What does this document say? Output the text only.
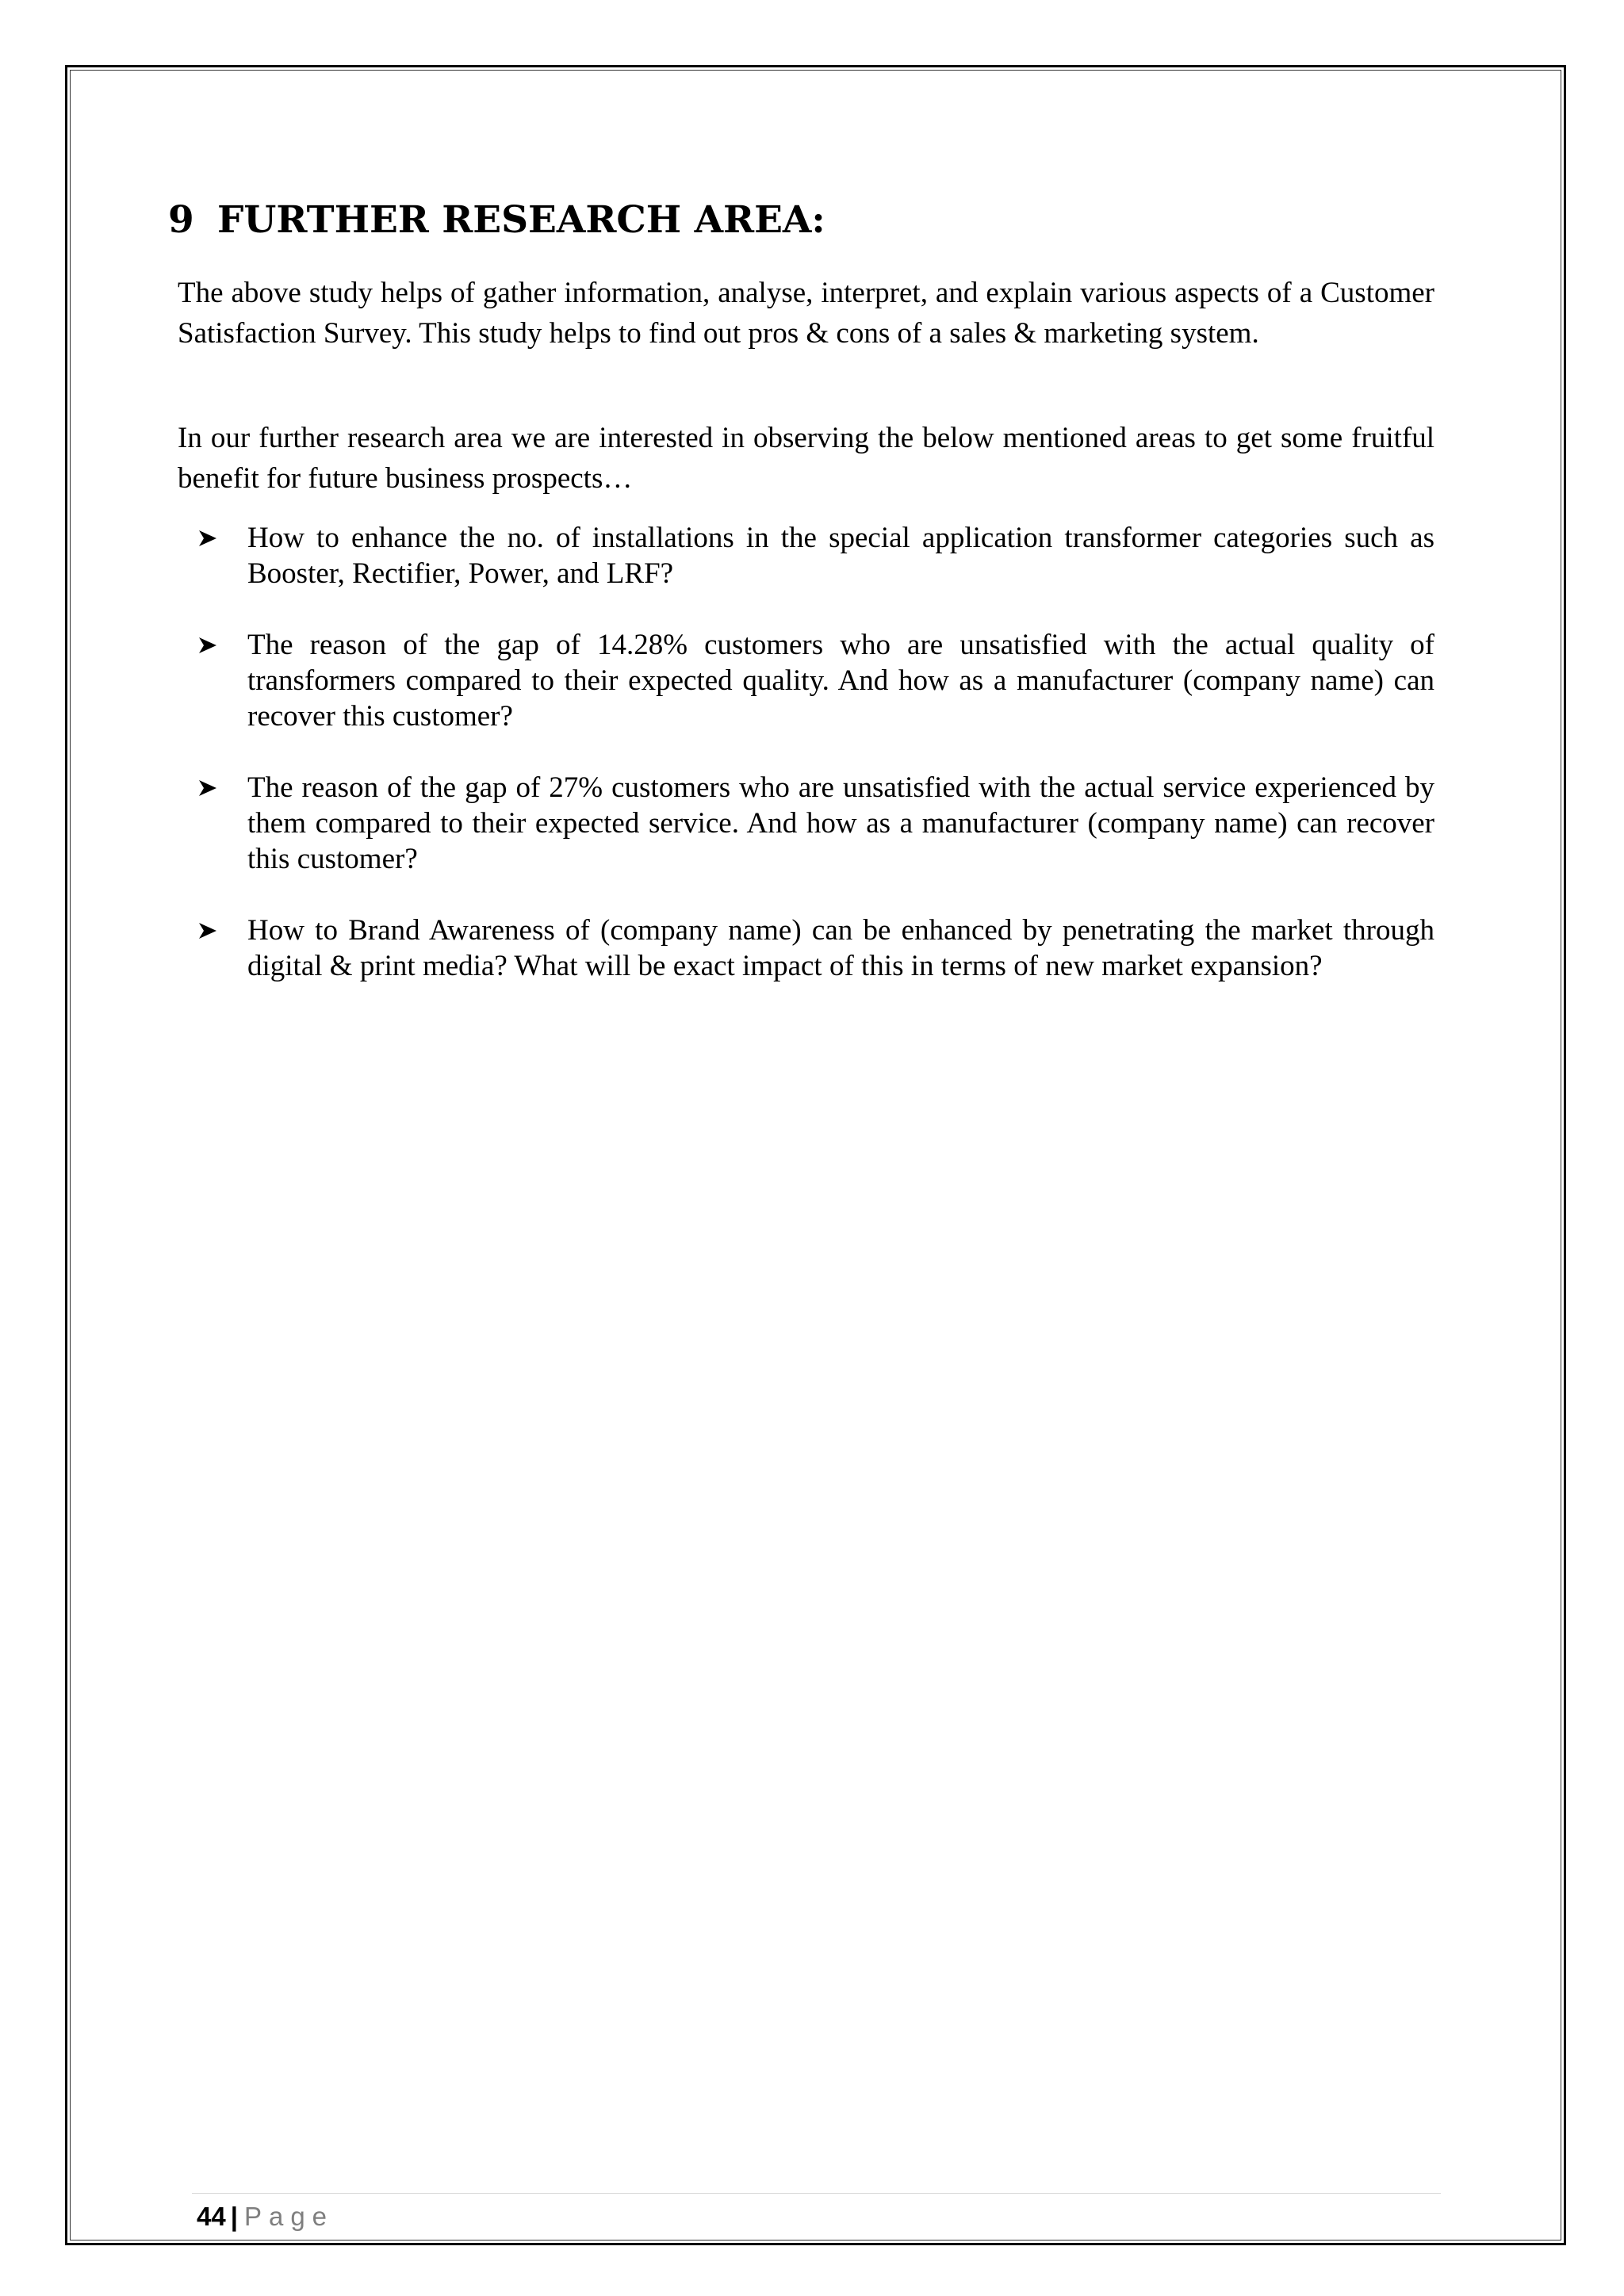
9 FURTHER RESEARCH AREA:

The above study helps of gather information, analyse, interpret, and explain various aspects of a Customer Satisfaction Survey. This study helps to find out pros & cons of a sales & marketing system.

In our further research area we are interested in observing the below mentioned areas to get some fruitful benefit for future business prospects…

How to enhance the no. of installations in the special application transformer categories such as Booster, Rectifier, Power, and LRF?
The reason of the gap of 14.28% customers who are unsatisfied with the actual quality of transformers compared to their expected quality. And how as a manufacturer (company name) can recover this customer?
The reason of the gap of 27% customers who are unsatisfied with the actual service experienced by them compared to their expected service. And how as a manufacturer (company name) can recover this customer?
How to Brand Awareness of (company name) can be enhanced by penetrating the market through digital & print media? What will be exact impact of this in terms of new market expansion?
44 | Page
